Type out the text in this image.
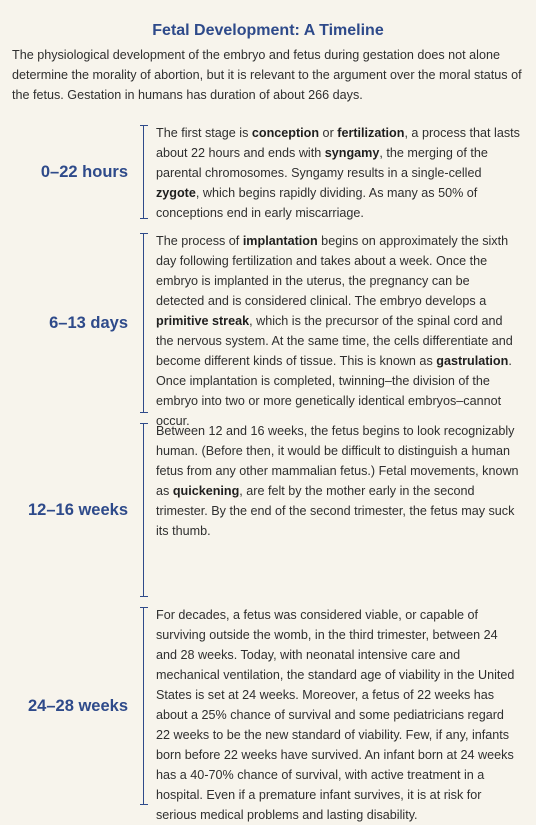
Fetal Development: A Timeline

The physiological development of the embryo and fetus during gestation does not alone determine the morality of abortion, but it is relevant to the argument over the moral status of the fetus. Gestation in humans has duration of about 266 days.

0–22 hours
The first stage is conception or fertilization, a process that lasts about 22 hours and ends with syngamy, the merging of the parental chromosomes. Syngamy results in a single-celled zygote, which begins rapidly dividing. As many as 50% of conceptions end in early miscarriage.
6–13 days
The process of implantation begins on approximately the sixth day following fertilization and takes about a week. Once the embryo is implanted in the uterus, the pregnancy can be detected and is considered clinical. The embryo develops a primitive streak, which is the precursor of the spinal cord and the nervous system. At the same time, the cells differentiate and become different kinds of tissue. This is known as gastrulation. Once implantation is completed, twinning–the division of the embryo into two or more genetically identical embryos–cannot occur.
12–16 weeks
Between 12 and 16 weeks, the fetus begins to look recognizably human. (Before then, it would be difficult to distinguish a human fetus from any other mammalian fetus.) Fetal movements, known as quickening, are felt by the mother early in the second trimester. By the end of the second trimester, the fetus may suck its thumb.
24–28 weeks
For decades, a fetus was considered viable, or capable of surviving outside the womb, in the third trimester, between 24 and 28 weeks. Today, with neonatal intensive care and mechanical ventilation, the standard age of viability in the United States is set at 24 weeks. Moreover, a fetus of 22 weeks has about a 25% chance of survival and some pediatricians regard 22 weeks to be the new standard of viability. Few, if any, infants born before 22 weeks have survived. An infant born at 24 weeks has a 40-70% chance of survival, with active treatment in a hospital. Even if a premature infant survives, it is at risk for serious medical problems and lasting disability.
